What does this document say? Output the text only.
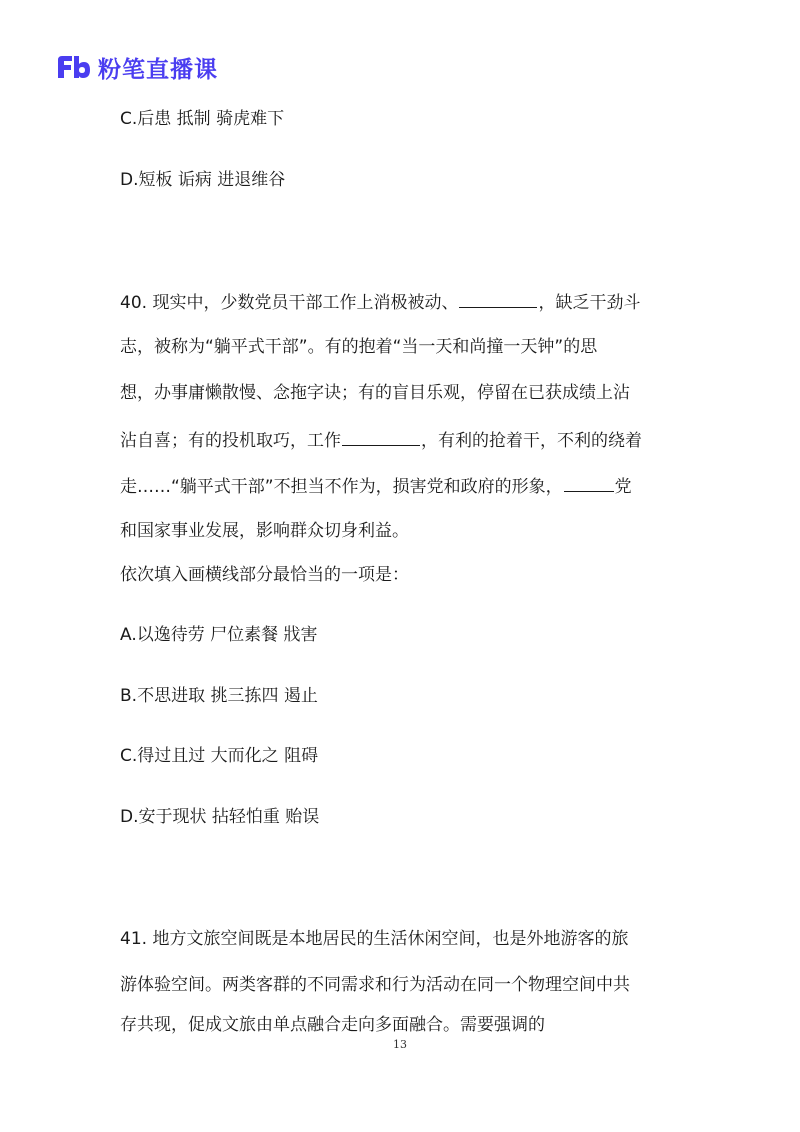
粉笔直播课
C.后患 抵制 骑虎难下
D.短板 诟病 进退维谷
40. 现实中，少数党员干部工作上消极被动、	，缺乏干劲斗
志，被称为“躺平式干部”。有的抱着“当一天和尚撞一天钟”的思
想，办事庸懒散慢、念拖字诀；有的盲目乐观，停留在已获成绩上沾
沾自喜；有的投机取巧，工作	，有利的抢着干，不利的绕着
走……“躺平式干部”不担当不作为，损害党和政府的形象，	党
和国家事业发展，影响群众切身利益。
依次填入画横线部分最恰当的一项是：
A.以逸待劳 尸位素餐 戕害
B.不思进取 挑三拣四 遏止
C.得过且过 大而化之 阻碍
D.安于现状 拈轻怕重 贻误
41. 地方文旅空间既是本地居民的生活休闲空间，也是外地游客的旅
游体验空间。两类客群的不同需求和行为活动在同一个物理空间中共
存共现，促成文旅由单点融合走向多面融合。需要强调的
13
